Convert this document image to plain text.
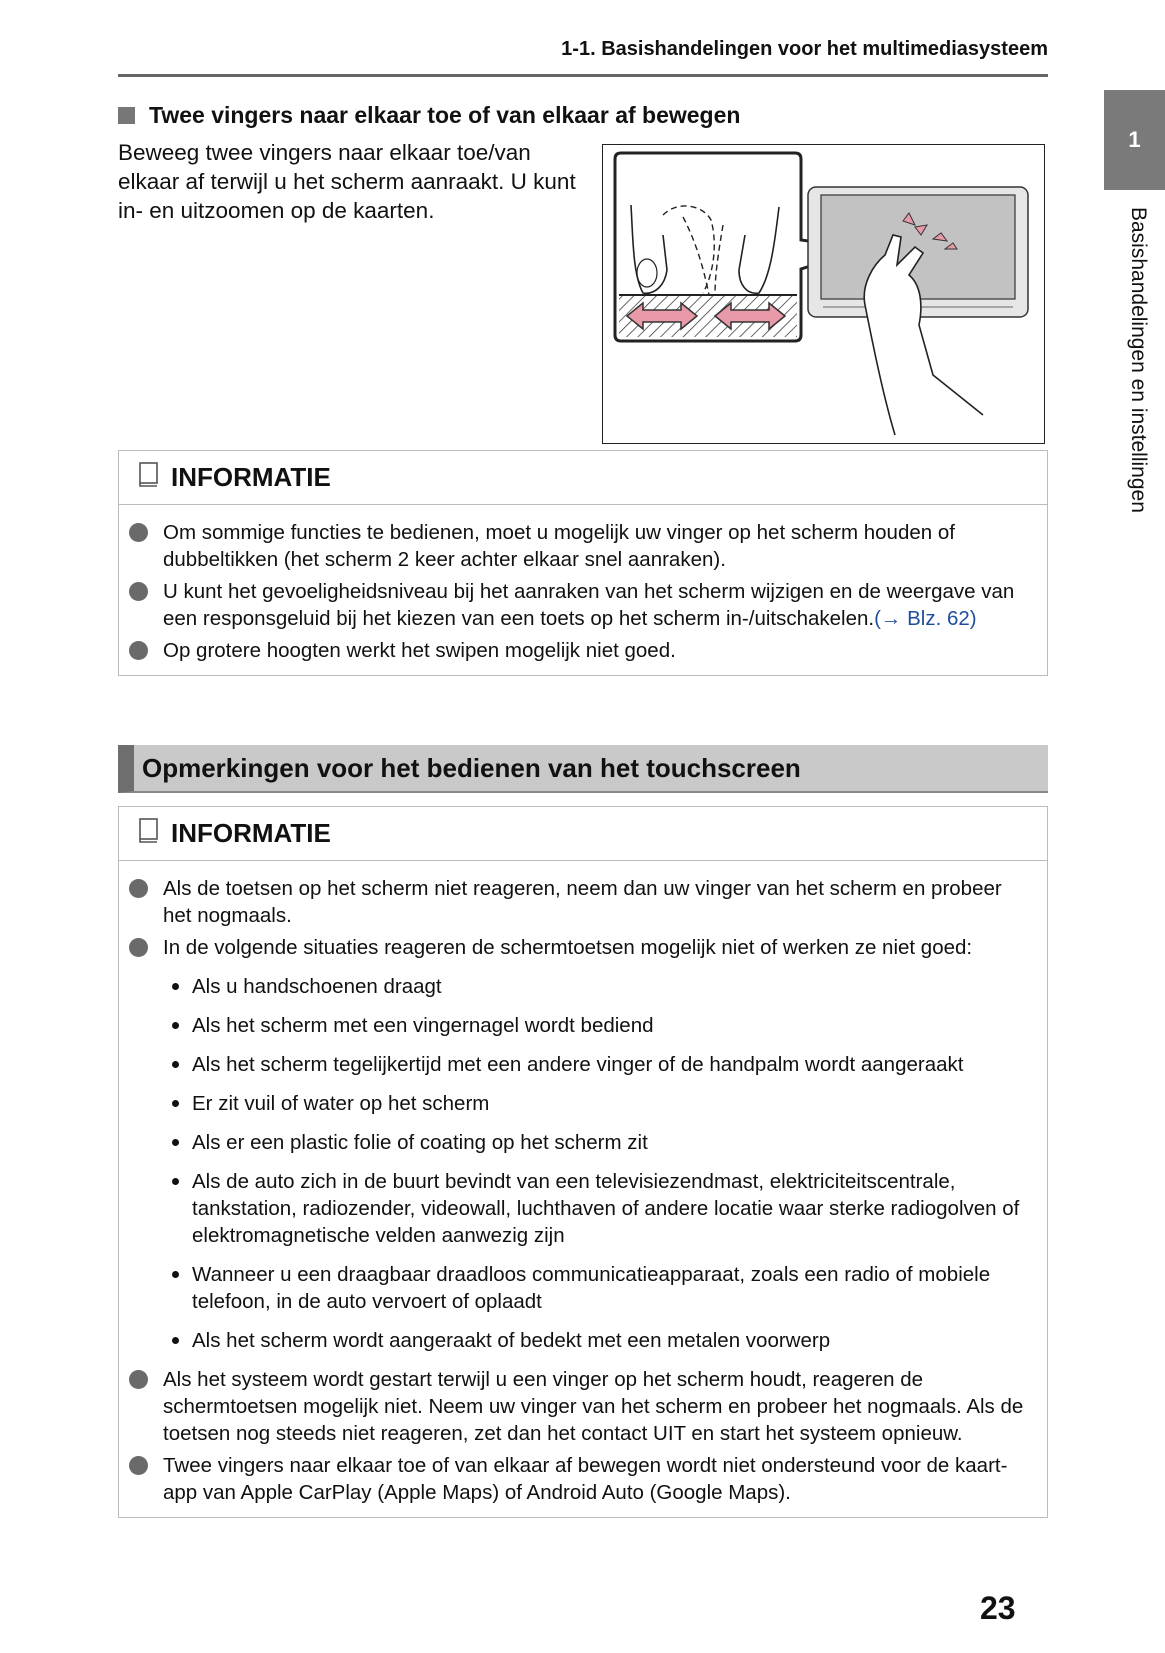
1-1. Basishandelingen voor het multimediasysteem
1
Basishandelingen en instellingen
Twee vingers naar elkaar toe of van elkaar af bewegen
Beweeg twee vingers naar elkaar toe/van elkaar af terwijl u het scherm aanraakt. U kunt in- en uitzoomen op de kaarten.
INFORMATIE
Om sommige functies te bedienen, moet u mogelijk uw vinger op het scherm houden of dubbeltikken (het scherm 2 keer achter elkaar snel aanraken).
U kunt het gevoeligheidsniveau bij het aanraken van het scherm wijzigen en de weergave van een responsgeluid bij het kiezen van een toets op het scherm in-/uitschakelen.(→ Blz. 62)
Op grotere hoogten werkt het swipen mogelijk niet goed.
Opmerkingen voor het bedienen van het touchscreen
INFORMATIE
Als de toetsen op het scherm niet reageren, neem dan uw vinger van het scherm en probeer het nogmaals.
In de volgende situaties reageren de schermtoetsen mogelijk niet of werken ze niet goed:
Als u handschoenen draagt
Als het scherm met een vingernagel wordt bediend
Als het scherm tegelijkertijd met een andere vinger of de handpalm wordt aangeraakt
Er zit vuil of water op het scherm
Als er een plastic folie of coating op het scherm zit
Als de auto zich in de buurt bevindt van een televisiezendmast, elektriciteitscentrale, tankstation, radiozender, videowall, luchthaven of andere locatie waar sterke radiogolven of elektromagnetische velden aanwezig zijn
Wanneer u een draagbaar draadloos communicatieapparaat, zoals een radio of mobiele telefoon, in de auto vervoert of oplaadt
Als het scherm wordt aangeraakt of bedekt met een metalen voorwerp
Als het systeem wordt gestart terwijl u een vinger op het scherm houdt, reageren de schermtoetsen mogelijk niet. Neem uw vinger van het scherm en probeer het nogmaals. Als de toetsen nog steeds niet reageren, zet dan het contact UIT en start het systeem opnieuw.
Twee vingers naar elkaar toe of van elkaar af bewegen wordt niet ondersteund voor de kaart-app van Apple CarPlay (Apple Maps) of Android Auto (Google Maps).
23
